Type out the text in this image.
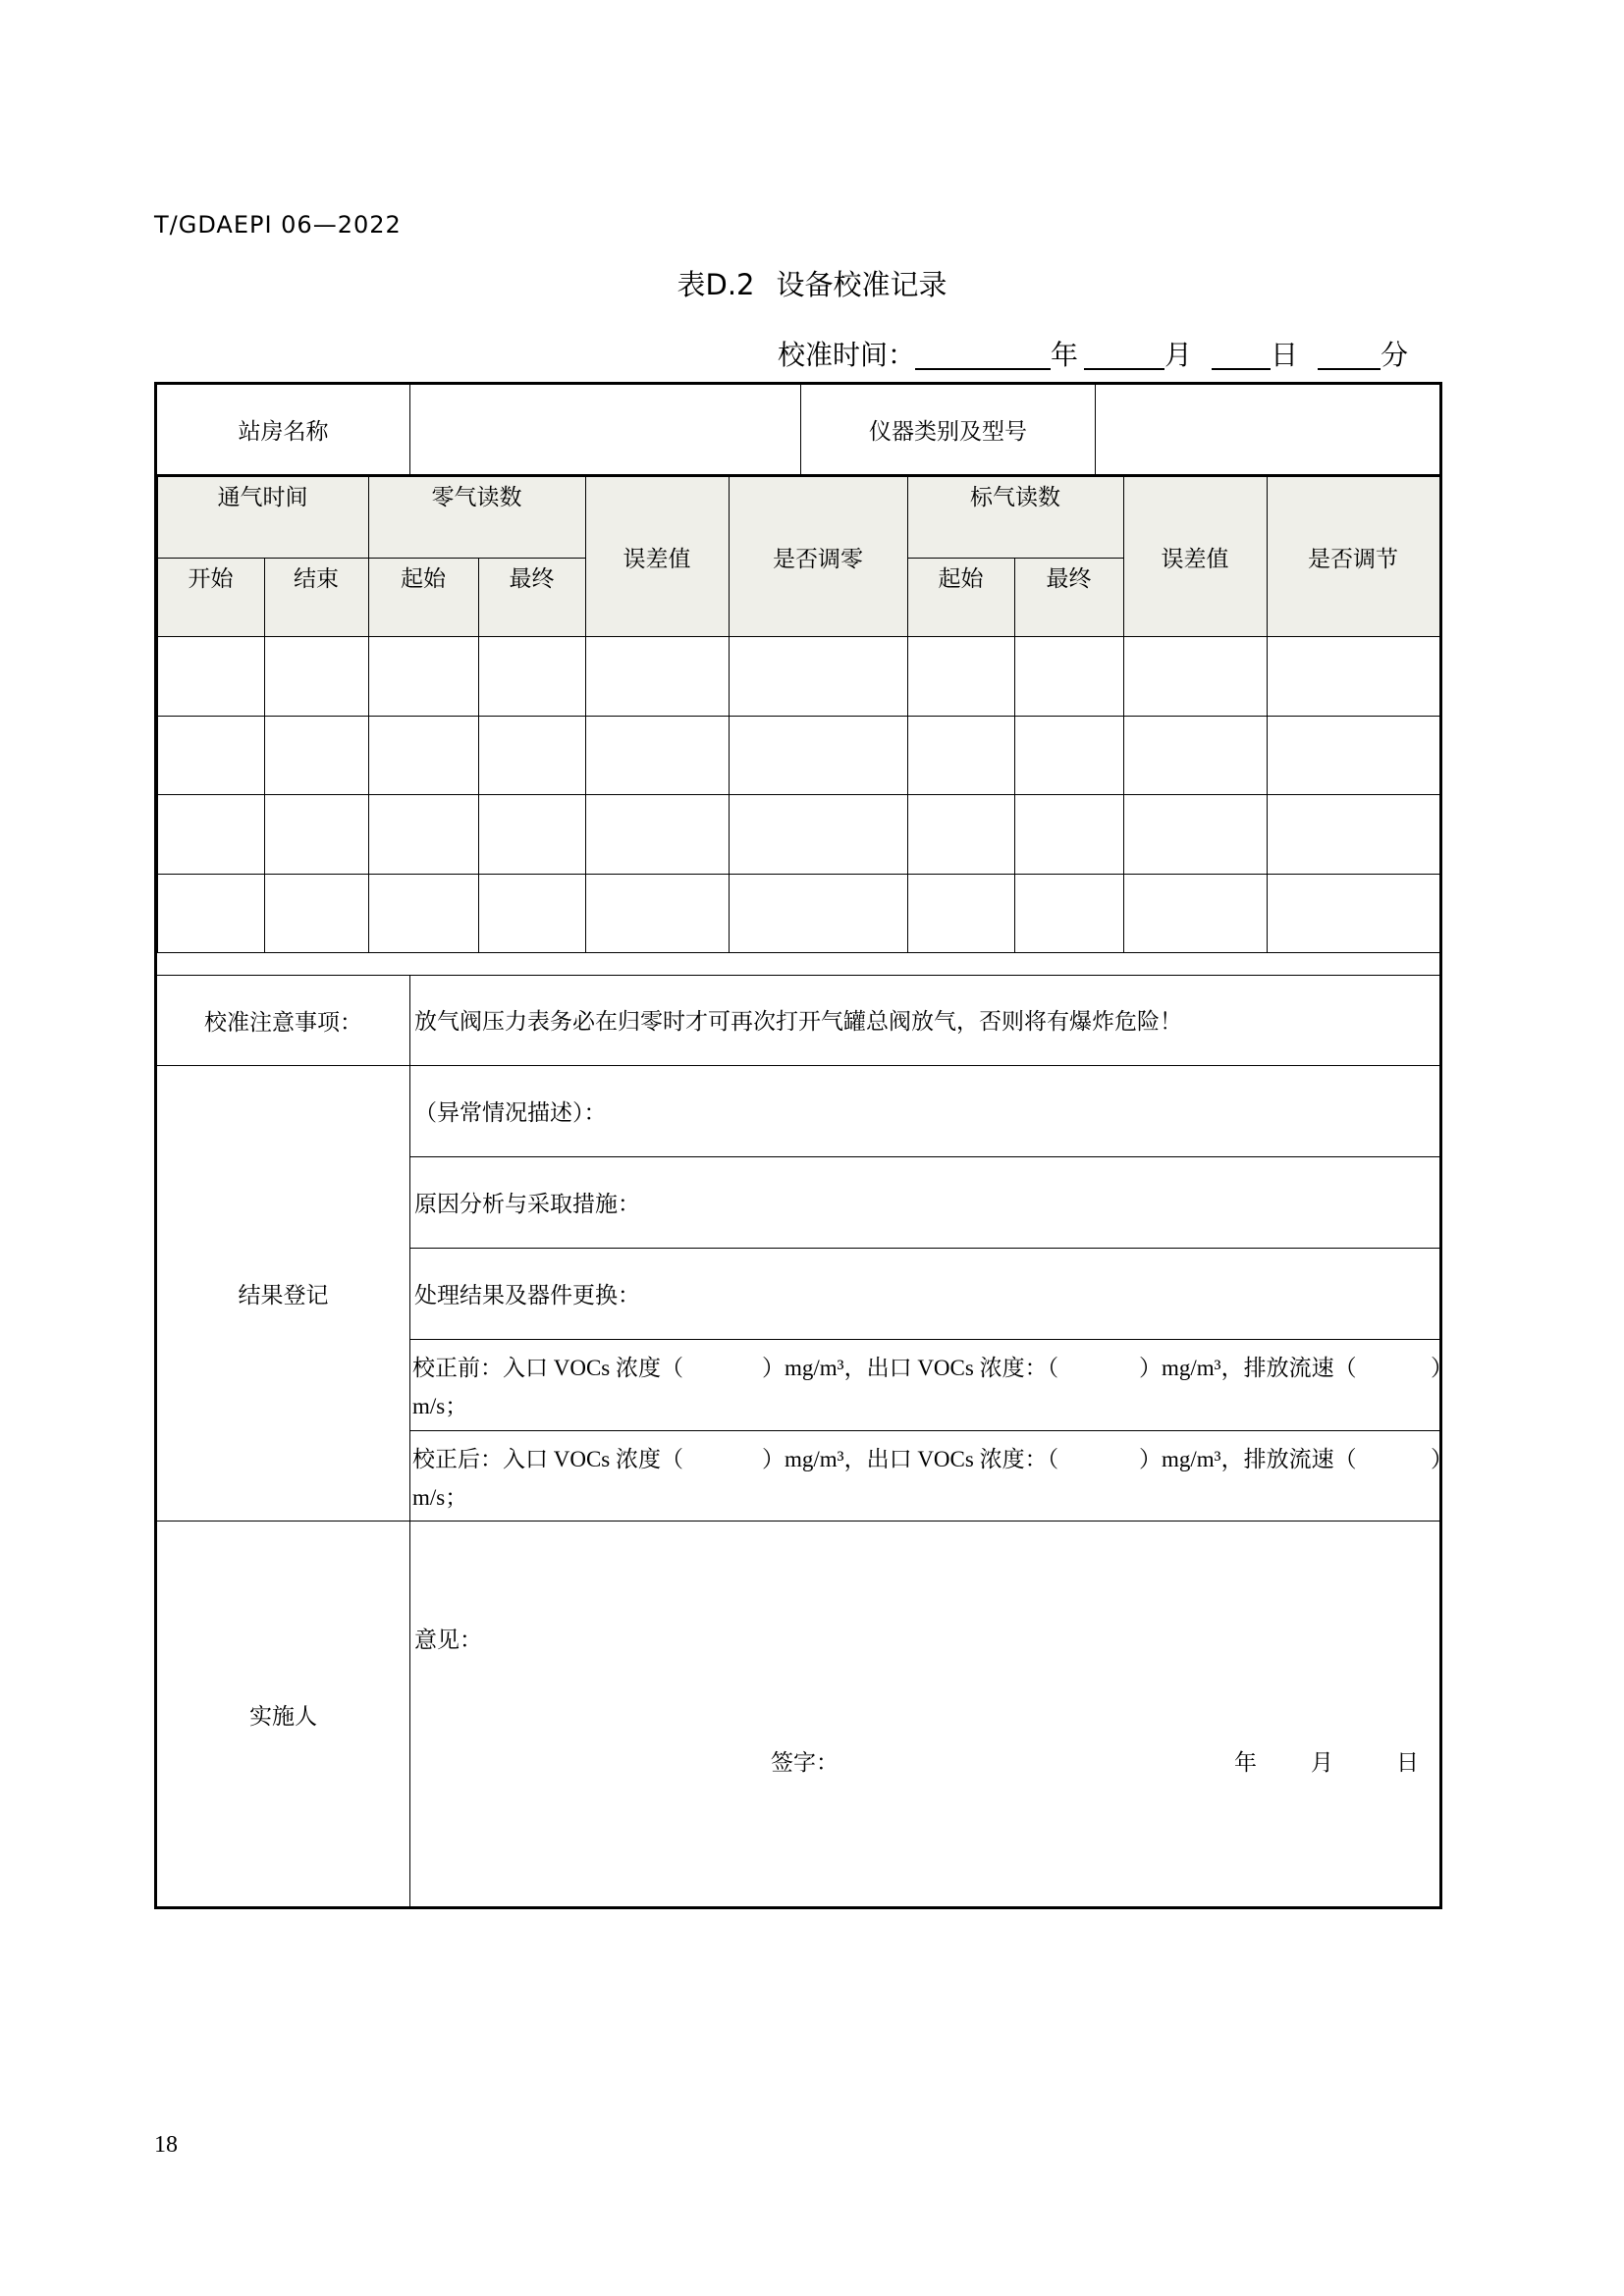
T/GDAEPI 06—2022
表D.2 设备校准记录
校准时间：	年	月	日	分
站房名称	仪器类别及型号
通气时间	零气读数	标气读数
开始	结束	起始	最终	起始	最终
误差值	是否调零	误差值	是否调节
校准注意事项：	放气阀压力表务必在归零时才可再次打开气罐总阀放气，否则将有爆炸危险！
结果登记
（异常情况描述）：
原因分析与采取措施：
处理结果及器件更换：
校正前：入口 VOCs 浓度（	）mg/m³，出口 VOCs 浓度：（	）mg/m³，排放流速（	）
m/s；
校正后：入口 VOCs 浓度（	）mg/m³，出口 VOCs 浓度：（	）mg/m³，排放流速（	）
m/s；
实施人
意见：
签字：	年 月	日
18
